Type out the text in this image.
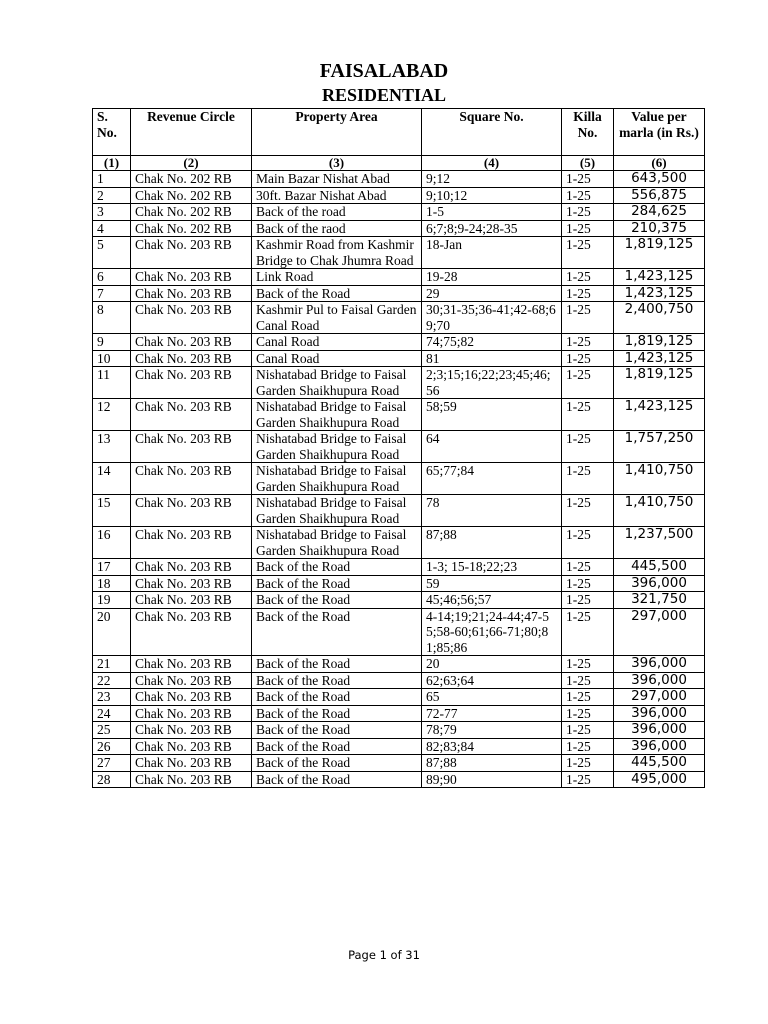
FAISALABAD
RESIDENTIAL
S. No.	Revenue Circle	Property Area	Square No.	Killa No.	Value per marla (in Rs.)
(1)	(2)	(3)	(4)	(5)	(6)
1	Chak No. 202 RB	Main Bazar Nishat Abad	9;12	1-25	643,500
2	Chak No. 202 RB	30ft. Bazar Nishat Abad	9;10;12	1-25	556,875
3	Chak No. 202 RB	Back of the road	1-5	1-25	284,625
4	Chak No. 202 RB	Back of the raod	6;7;8;9-24;28-35	1-25	210,375
5	Chak No. 203 RB	Kashmir Road from Kashmir Bridge to Chak Jhumra Road	18-Jan	1-25	1,819,125
6	Chak No. 203 RB	Link Road	19-28	1-25	1,423,125
7	Chak No. 203 RB	Back of the Road	29	1-25	1,423,125
8	Chak No. 203 RB	Kashmir Pul to Faisal Garden Canal Road	30;31-35;36-41;42-68;69;70	1-25	2,400,750
9	Chak No. 203 RB	Canal Road	74;75;82	1-25	1,819,125
10	Chak No. 203 RB	Canal Road	81	1-25	1,423,125
11	Chak No. 203 RB	Nishatabad Bridge to Faisal Garden Shaikhupura Road	2;3;15;16;22;23;45;46; 56	1-25	1,819,125
12	Chak No. 203 RB	Nishatabad Bridge to Faisal Garden Shaikhupura Road	58;59	1-25	1,423,125
13	Chak No. 203 RB	Nishatabad Bridge to Faisal Garden Shaikhupura Road	64	1-25	1,757,250
14	Chak No. 203 RB	Nishatabad Bridge to Faisal Garden Shaikhupura Road	65;77;84	1-25	1,410,750
15	Chak No. 203 RB	Nishatabad Bridge to Faisal Garden Shaikhupura Road	78	1-25	1,410,750
16	Chak No. 203 RB	Nishatabad Bridge to Faisal Garden Shaikhupura Road	87;88	1-25	1,237,500
17	Chak No. 203 RB	Back of the Road	1-3; 15-18;22;23	1-25	445,500
18	Chak No. 203 RB	Back of the Road	59	1-25	396,000
19	Chak No. 203 RB	Back of the Road	45;46;56;57	1-25	321,750
20	Chak No. 203 RB	Back of the Road	4-14;19;21;24-44;47-55;58-60;61;66-71;80;81;85;86	1-25	297,000
21	Chak No. 203 RB	Back of the Road	20	1-25	396,000
22	Chak No. 203 RB	Back of the Road	62;63;64	1-25	396,000
23	Chak No. 203 RB	Back of the Road	65	1-25	297,000
24	Chak No. 203 RB	Back of the Road	72-77	1-25	396,000
25	Chak No. 203 RB	Back of the Road	78;79	1-25	396,000
26	Chak No. 203 RB	Back of the Road	82;83;84	1-25	396,000
27	Chak No. 203 RB	Back of the Road	87;88	1-25	445,500
28	Chak No. 203 RB	Back of the Road	89;90	1-25	495,000
Page 1 of 31
